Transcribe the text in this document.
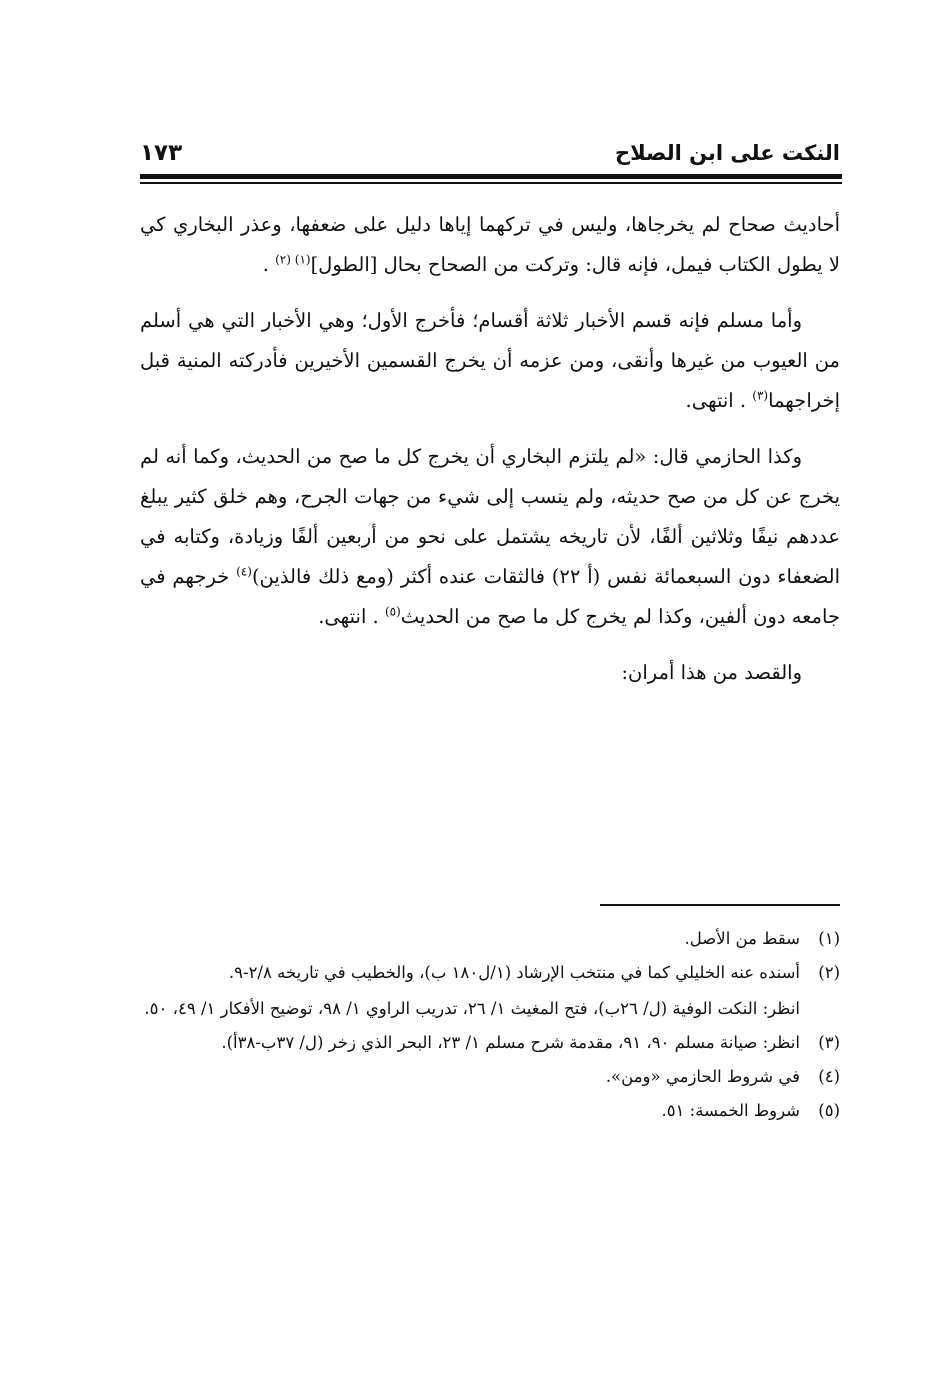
النكت على ابن الصلاح
١٧٣

أحاديث صحاح لم يخرجاها، وليس في تركهما إياها دليل على ضعفها، وعذر البخاري كي لا يطول الكتاب فيمل، فإنه قال: وتركت من الصحاح بحال [الطول]$^{(١) (٢)}$ .

وأما مسلم فإنه قسم الأخبار ثلاثة أقسام؛ فأخرج الأول؛ وهي الأخبار التي هي أسلم من العيوب من غيرها وأنقى، ومن عزمه أن يخرج القسمين الأخيرين فأدركته المنية قبل إخراجهما$^{(٣)}$ . انتهى.

وكذا الحازمي قال: «لم يلتزم البخاري أن يخرج كل ما صح من الحديث، وكما أنه لم يخرج عن كل من صح حديثه، ولم ينسب إلى شيء من جهات الجرح، وهم خلق كثير يبلغ عددهم نيفًا وثلاثين ألفًا، لأن تاريخه يشتمل على نحو من أربعين ألفًا وزيادة، وكتابه في الضعفاء دون السبعمائة نفس (أ ٢٢) فالثقات عنده أكثر (ومع ذلك فالذين)$^{(٤)}$ خرجهم في جامعه دون ألفين، وكذا لم يخرج كل ما صح من الحديث$^{(٥)}$ . انتهى.

والقصد من هذا أمران:

(١)
سقط من الأصل.
(٢)
أسنده عنه الخليلي كما في منتخب الإرشاد (١/ل١٨٠ ب)، والخطيب في تاريخه ٢/٨-٩.
انظر: النكت الوفية (ل/ ٢٦ب)، فتح المغيث ١/ ٢٦، تدريب الراوي ١/ ٩٨، توضيح الأفكار ١/ ٤٩، ٥٠.
(٣)
انظر: صيانة مسلم ٩٠، ٩١، مقدمة شرح مسلم ١/ ٢٣، البحر الذي زخر (ل/ ٣٧ب-٣٨أ).
(٤)
في شروط الحازمي «ومن».
(٥)
شروط الخمسة: ٥١.
